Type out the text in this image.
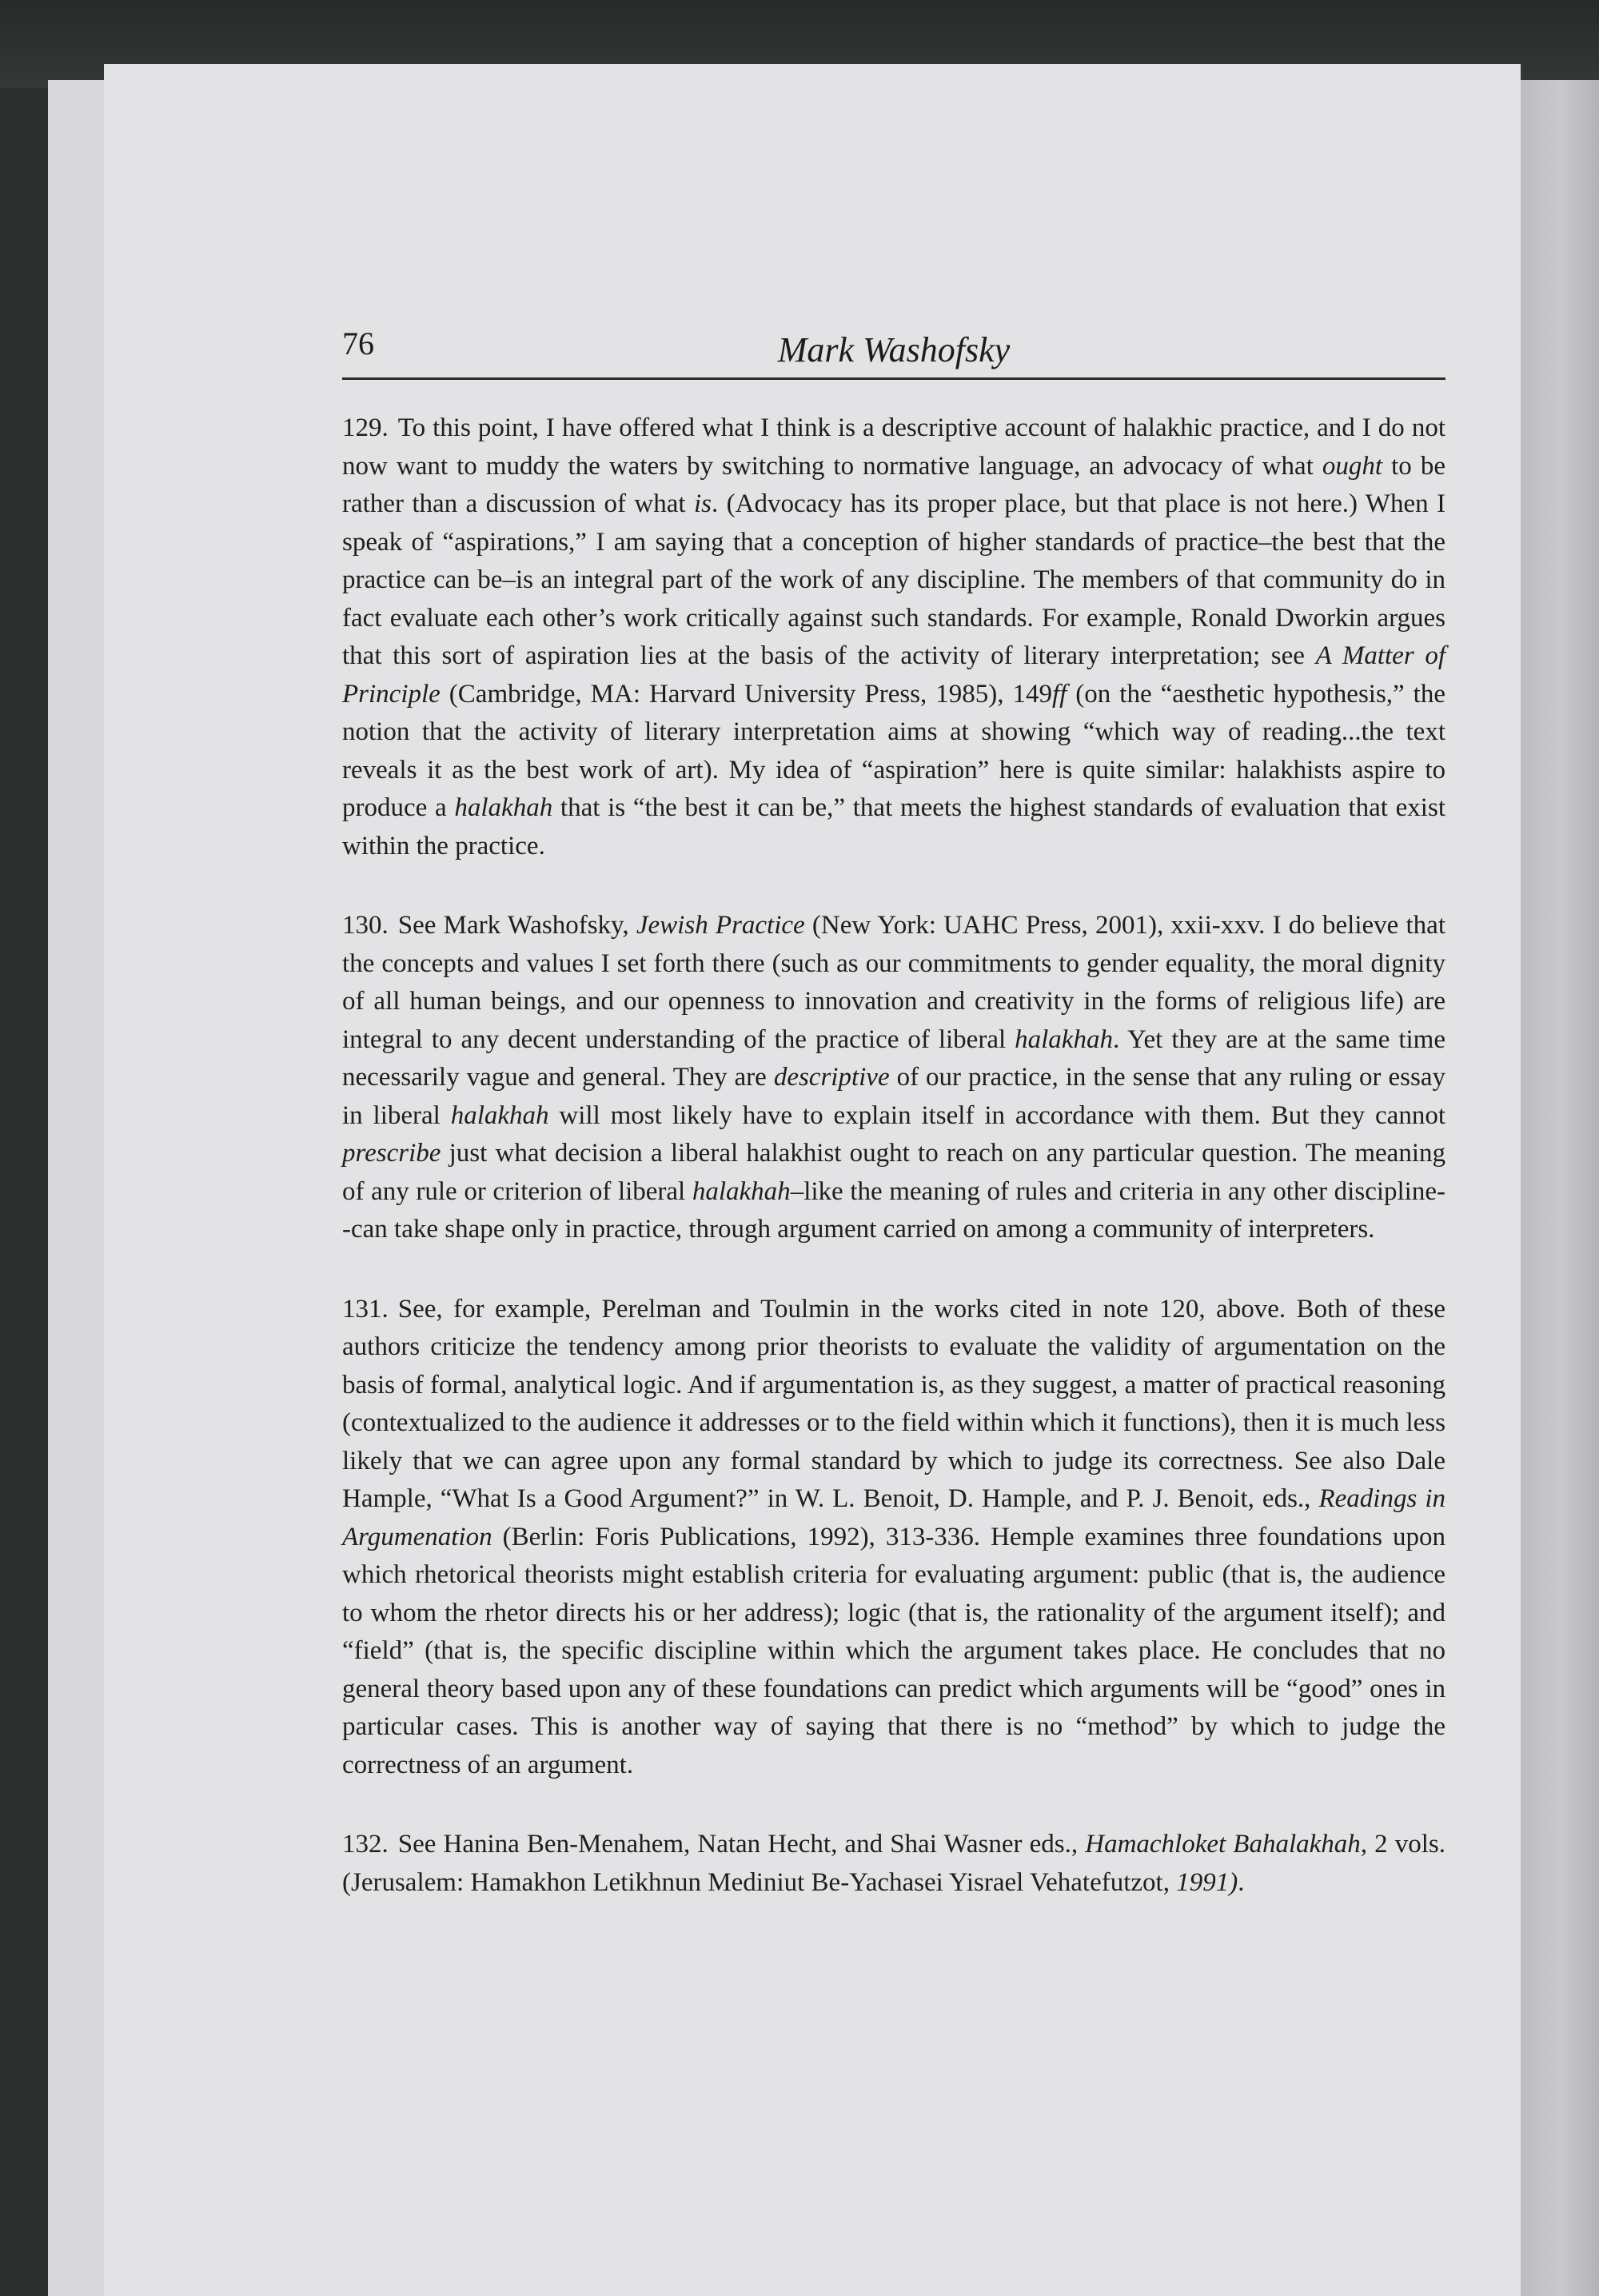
76	Mark Washofsky

129. To this point, I have offered what I think is a descriptive account of halakhic practice, and I do not now want to muddy the waters by switching to normative language, an advocacy of what ought to be rather than a discussion of what is. (Advocacy has its proper place, but that place is not here.) When I speak of “aspirations,” I am saying that a conception of higher standards of practice–the best that the practice can be–is an integral part of the work of any discipline. The members of that community do in fact evaluate each other’s work critically against such standards. For example, Ronald Dworkin argues that this sort of aspiration lies at the basis of the activity of literary interpretation; see A Matter of Principle (Cambridge, MA: Harvard University Press, 1985), 149ff (on the “aesthetic hypothesis,” the notion that the activity of literary interpretation aims at showing “which way of reading...the text reveals it as the best work of art). My idea of “aspiration” here is quite similar: halakhists aspire to produce a halakhah that is “the best it can be,” that meets the highest standards of evaluation that exist within the practice.

130. See Mark Washofsky, Jewish Practice (New York: UAHC Press, 2001), xxii-xxv. I do believe that the concepts and values I set forth there (such as our commitments to gender equality, the moral dignity of all human beings, and our openness to innovation and creativity in the forms of religious life) are integral to any decent understanding of the practice of liberal halakhah. Yet they are at the same time necessarily vague and general. They are descriptive of our practice, in the sense that any ruling or essay in liberal halakhah will most likely have to explain itself in accordance with them. But they cannot prescribe just what decision a liberal halakhist ought to reach on any particular question. The meaning of any rule or criterion of liberal halakhah–like the meaning of rules and criteria in any other discipline--can take shape only in practice, through argument carried on among a community of interpreters.

131. See, for example, Perelman and Toulmin in the works cited in note 120, above. Both of these authors criticize the tendency among prior theorists to evaluate the validity of argumentation on the basis of formal, analytical logic. And if argumentation is, as they suggest, a matter of practical reasoning (contextualized to the audience it addresses or to the field within which it functions), then it is much less likely that we can agree upon any formal standard by which to judge its correctness. See also Dale Hample, “What Is a Good Argument?” in W. L. Benoit, D. Hample, and P. J. Benoit, eds., Readings in Argumenation (Berlin: Foris Publications, 1992), 313-336. Hemple examines three foundations upon which rhetorical theorists might establish criteria for evaluating argument: public (that is, the audience to whom the rhetor directs his or her address); logic (that is, the rationality of the argument itself); and “field” (that is, the specific discipline within which the argument takes place. He concludes that no general theory based upon any of these foundations can predict which arguments will be “good” ones in particular cases. This is another way of saying that there is no “method” by which to judge the correctness of an argument.

132. See Hanina Ben-Menahem, Natan Hecht, and Shai Wasner eds., Hamachloket Bahalakhah, 2 vols. (Jerusalem: Hamakhon Letikhnun Mediniut Be-Yachasei Yisrael Vehatefutzot, 1991).
